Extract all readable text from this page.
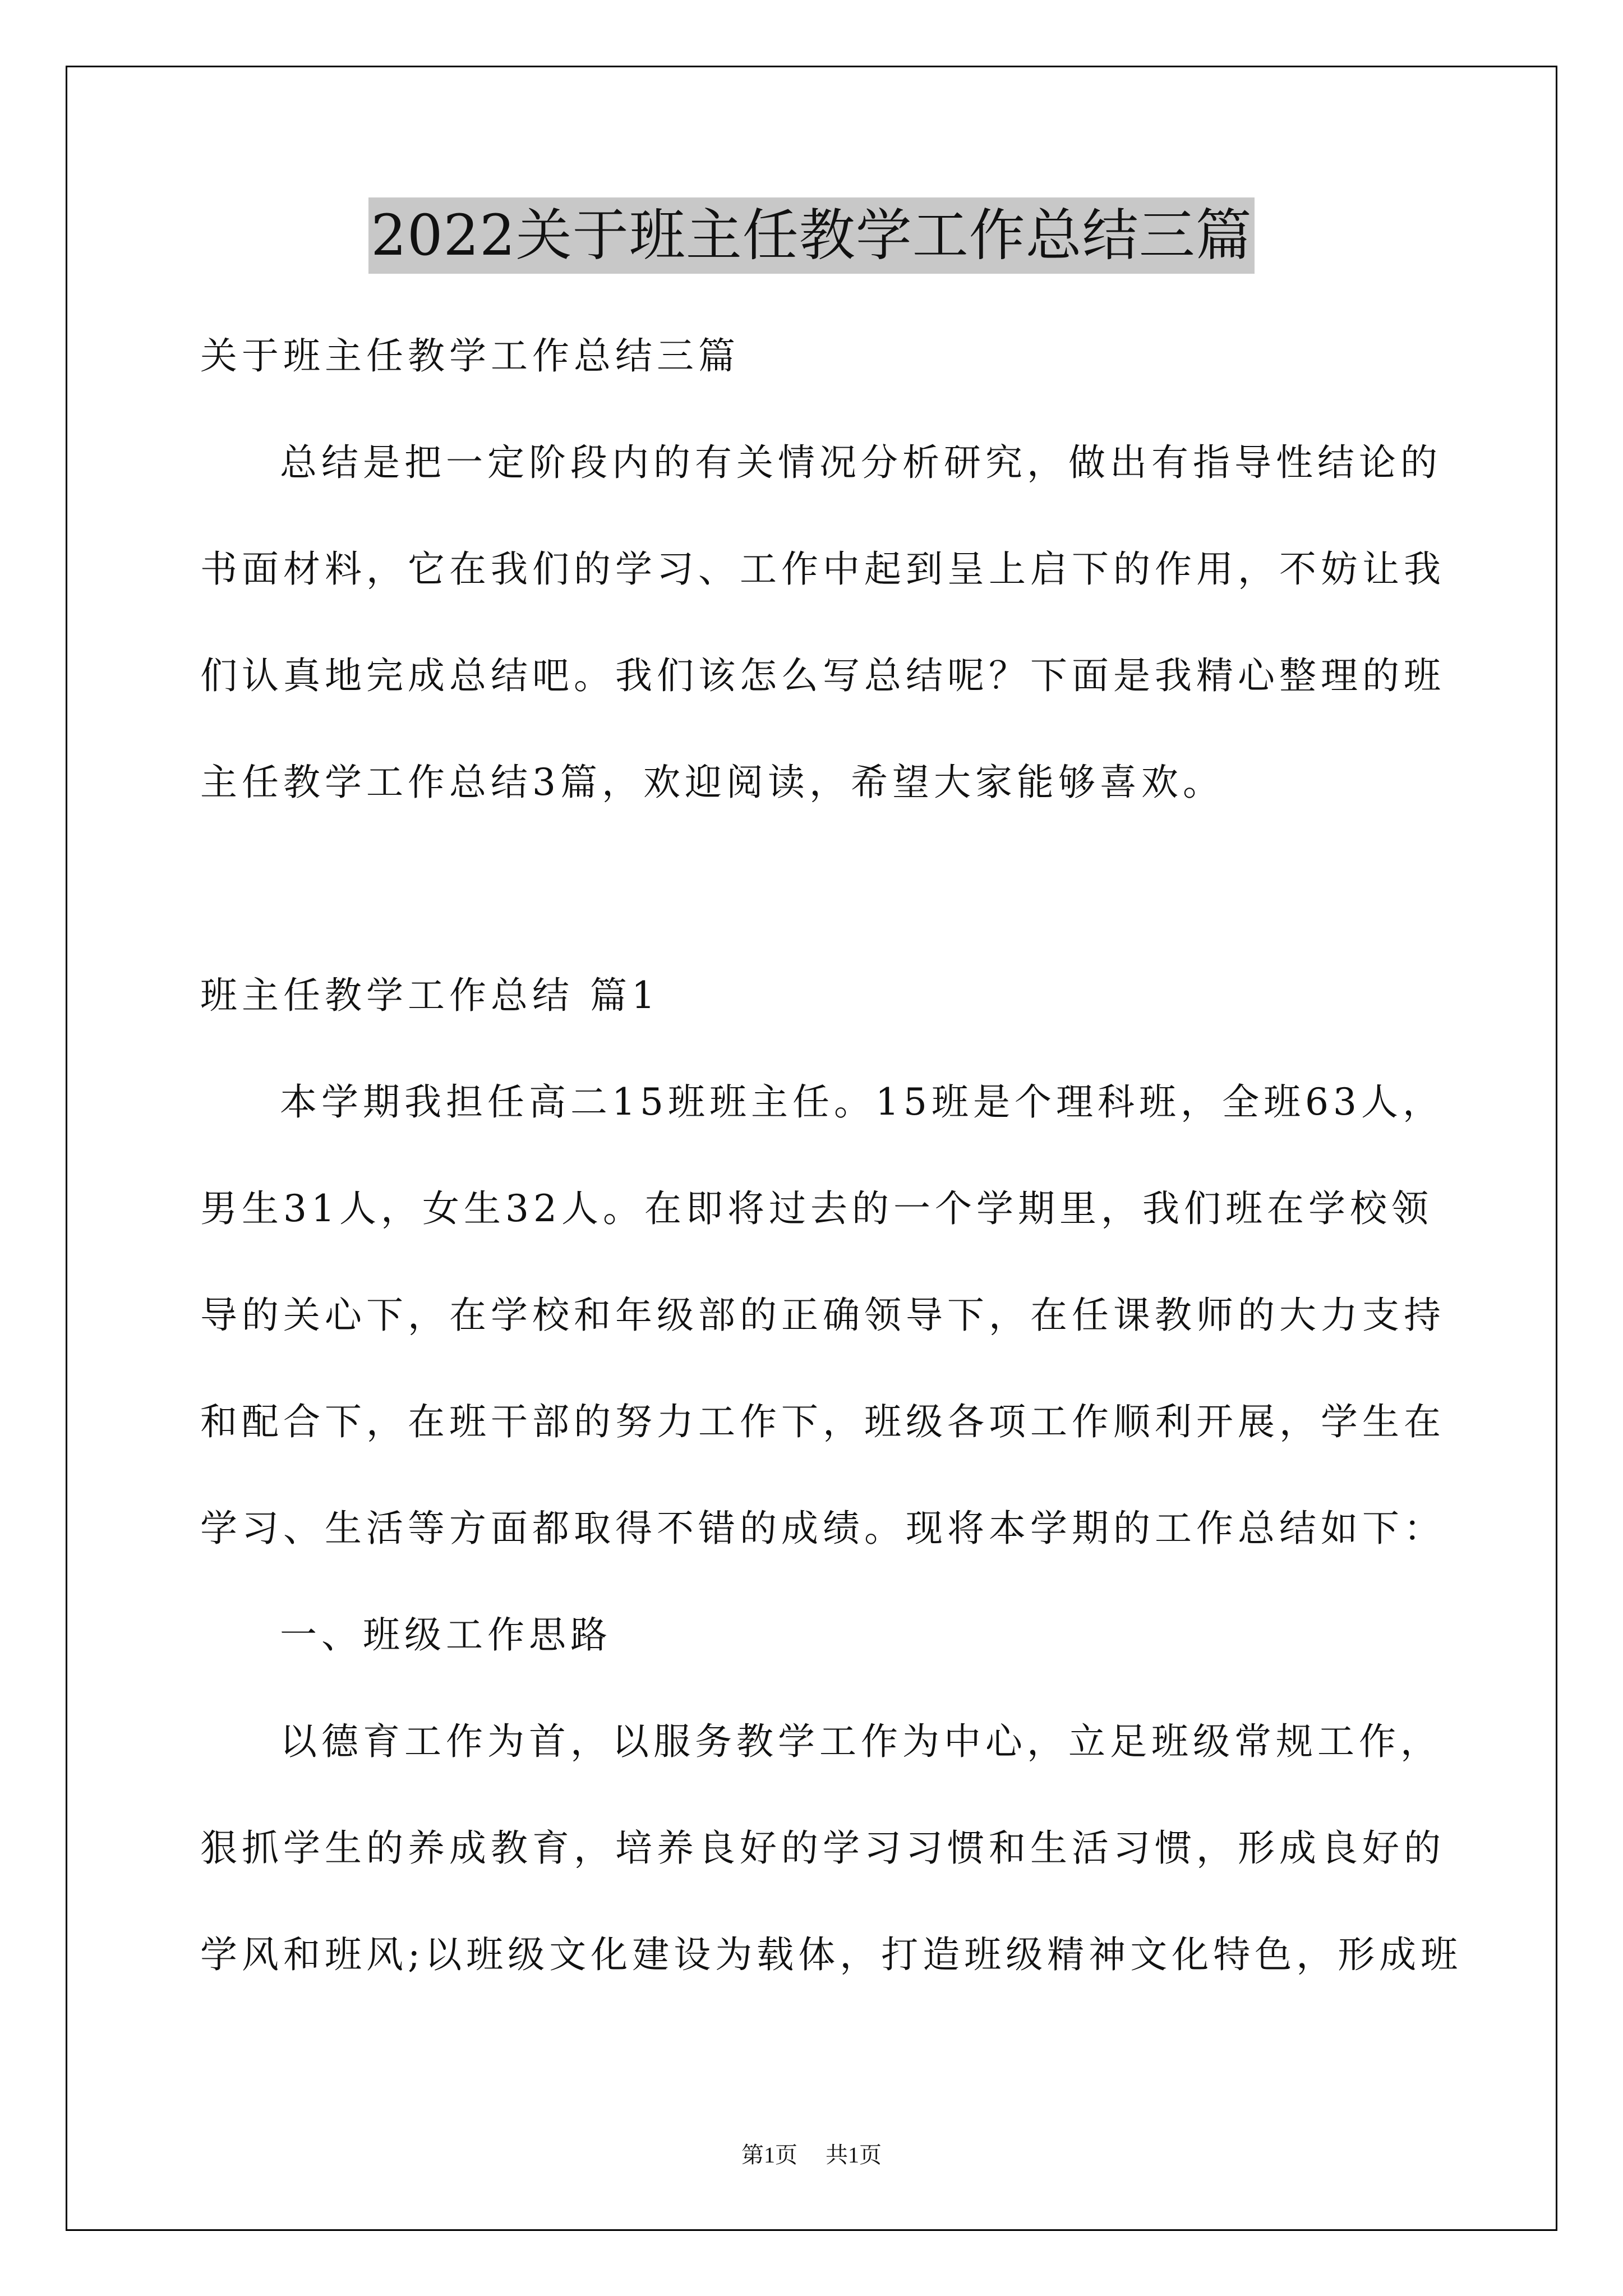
2022关于班主任教学工作总结三篇
关于班主任教学工作总结三篇
总结是把一定阶段内的有关情况分析研究，做出有指导性结论的
书面材料，它在我们的学习、工作中起到呈上启下的作用，不妨让我
们认真地完成总结吧。我们该怎么写总结呢？下面是我精心整理的班
主任教学工作总结3篇，欢迎阅读，希望大家能够喜欢。
班主任教学工作总结 篇1
本学期我担任高二15班班主任。15班是个理科班，全班63人，
男生31人，女生32人。在即将过去的一个学期里，我们班在学校领
导的关心下，在学校和年级部的正确领导下，在任课教师的大力支持
和配合下，在班干部的努力工作下，班级各项工作顺利开展，学生在
学习、生活等方面都取得不错的成绩。现将本学期的工作总结如下：
一、班级工作思路
以德育工作为首，以服务教学工作为中心，立足班级常规工作，
狠抓学生的养成教育，培养良好的学习习惯和生活习惯，形成良好的
学风和班风;以班级文化建设为载体，打造班级精神文化特色，形成班
第1页 共1页
